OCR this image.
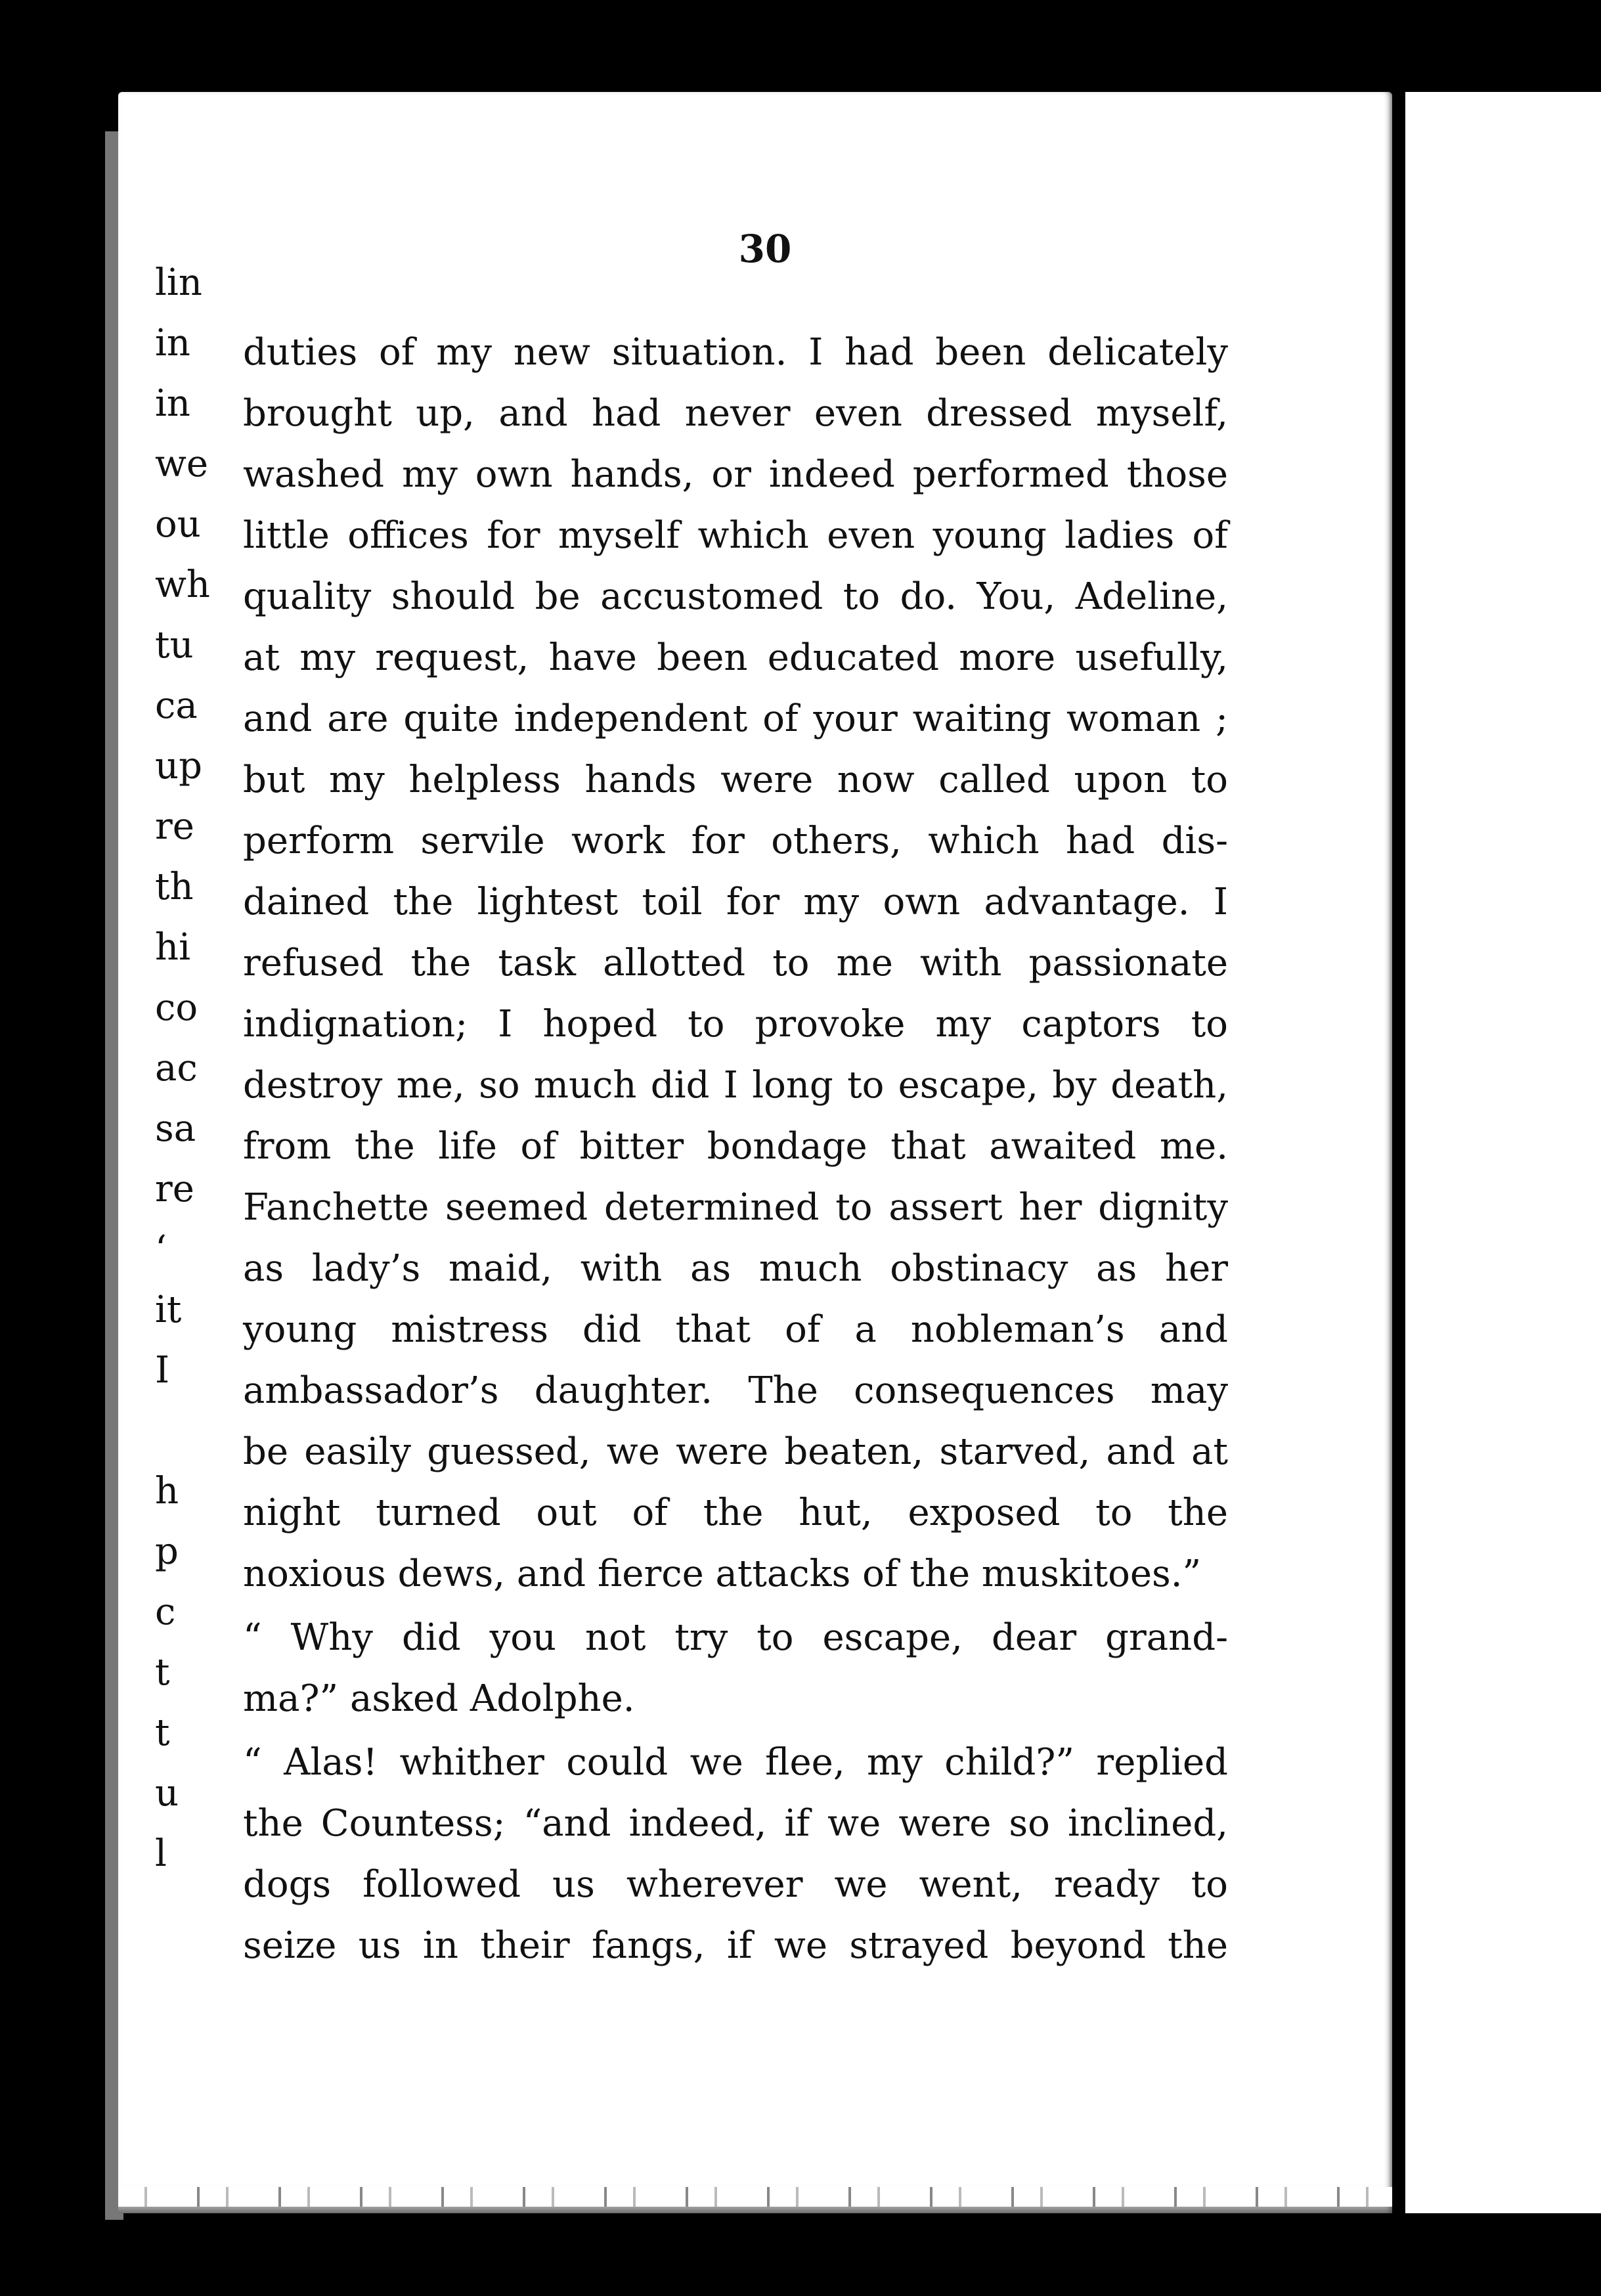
lin
in
in
we
ou
wh
tu
ca
up
re
th
hi
co
ac
sa
re
‘
it
I
h
p
c
t
t
u
l
30
duties of my new situation. I had been delicately
brought up, and had never even dressed myself,
washed my own hands, or indeed performed those
little offices for myself which even young ladies of
quality should be accustomed to do. You, Adeline,
at my request, have been educated more usefully,
and are quite independent of your waiting woman ;
but my helpless hands were now called upon to
perform servile work for others, which had dis-
dained the lightest toil for my own advantage. I
refused the task allotted to me with passionate
indignation; I hoped to provoke my captors to
destroy me, so much did I long to escape, by death,
from the life of bitter bondage that awaited me.
Fanchette seemed determined to assert her dignity
as lady’s maid, with as much obstinacy as her
young mistress did that of a nobleman’s and
ambassador’s daughter. The consequences may
be easily guessed, we were beaten, starved, and at
night turned out of the hut, exposed to the
noxious dews, and fierce attacks of the muskitoes.”
“ Why did you not try to escape, dear grand-
ma?” asked Adolphe.
“ Alas! whither could we flee, my child?” replied
the Countess; “and indeed, if we were so inclined,
dogs followed us wherever we went, ready to
seize us in their fangs, if we strayed beyond the
